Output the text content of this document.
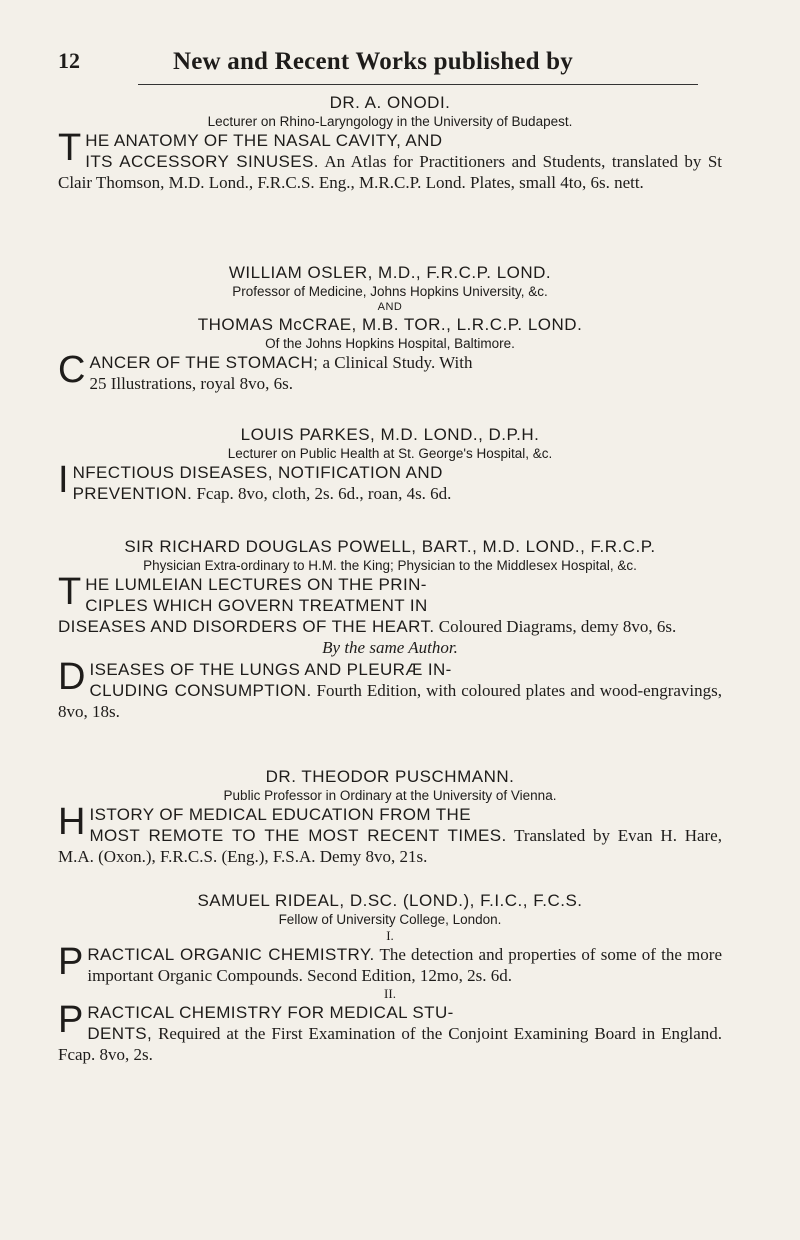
12	New and Recent Works published by
DR. A. ONODI.
Lecturer on Rhino-Laryngology in the University of Budapest.
THE ANATOMY OF THE NASAL CAVITY, AND
ITS ACCESSORY SINUSES. An Atlas for Practitioners and Students, translated by St Clair Thomson, M.D. Lond., F.R.C.S. Eng., M.R.C.P. Lond. Plates, small 4to, 6s. nett.
WILLIAM OSLER, M.D., F.R.C.P. LOND.
Professor of Medicine, Johns Hopkins University, &c.
AND
THOMAS McCRAE, M.B. TOR., L.R.C.P. LOND.
Of the Johns Hopkins Hospital, Baltimore.
CANCER OF THE STOMACH; a Clinical Study. With
25 Illustrations, royal 8vo, 6s.
LOUIS PARKES, M.D. LOND., D.P.H.
Lecturer on Public Health at St. George's Hospital, &c.
INFECTIOUS DISEASES, NOTIFICATION AND
PREVENTION. Fcap. 8vo, cloth, 2s. 6d., roan, 4s. 6d.
SIR RICHARD DOUGLAS POWELL, BART., M.D. LOND., F.R.C.P.
Physician Extra-ordinary to H.M. the King; Physician to the Middlesex Hospital, &c.
THE LUMLEIAN LECTURES ON THE PRIN-
CIPLES WHICH GOVERN TREATMENT IN
DISEASES AND DISORDERS OF THE HEART. Coloured Diagrams, demy 8vo, 6s.
By the same Author.
DISEASES OF THE LUNGS AND PLEURÆ IN-
CLUDING CONSUMPTION. Fourth Edition, with coloured plates and wood-engravings, 8vo, 18s.
DR. THEODOR PUSCHMANN.
Public Professor in Ordinary at the University of Vienna.
HISTORY OF MEDICAL EDUCATION FROM THE
MOST REMOTE TO THE MOST RECENT TIMES. Translated by Evan H. Hare, M.A. (Oxon.), F.R.C.S. (Eng.), F.S.A. Demy 8vo, 21s.
SAMUEL RIDEAL, D.SC. (LOND.), F.I.C., F.C.S.
Fellow of University College, London.
I.
PRACTICAL ORGANIC CHEMISTRY. The detection and properties of some of the more important Organic Compounds. Second Edition, 12mo, 2s. 6d.
II.
PRACTICAL CHEMISTRY FOR MEDICAL STU-
DENTS, Required at the First Examination of the Conjoint Examining Board in England. Fcap. 8vo, 2s.
